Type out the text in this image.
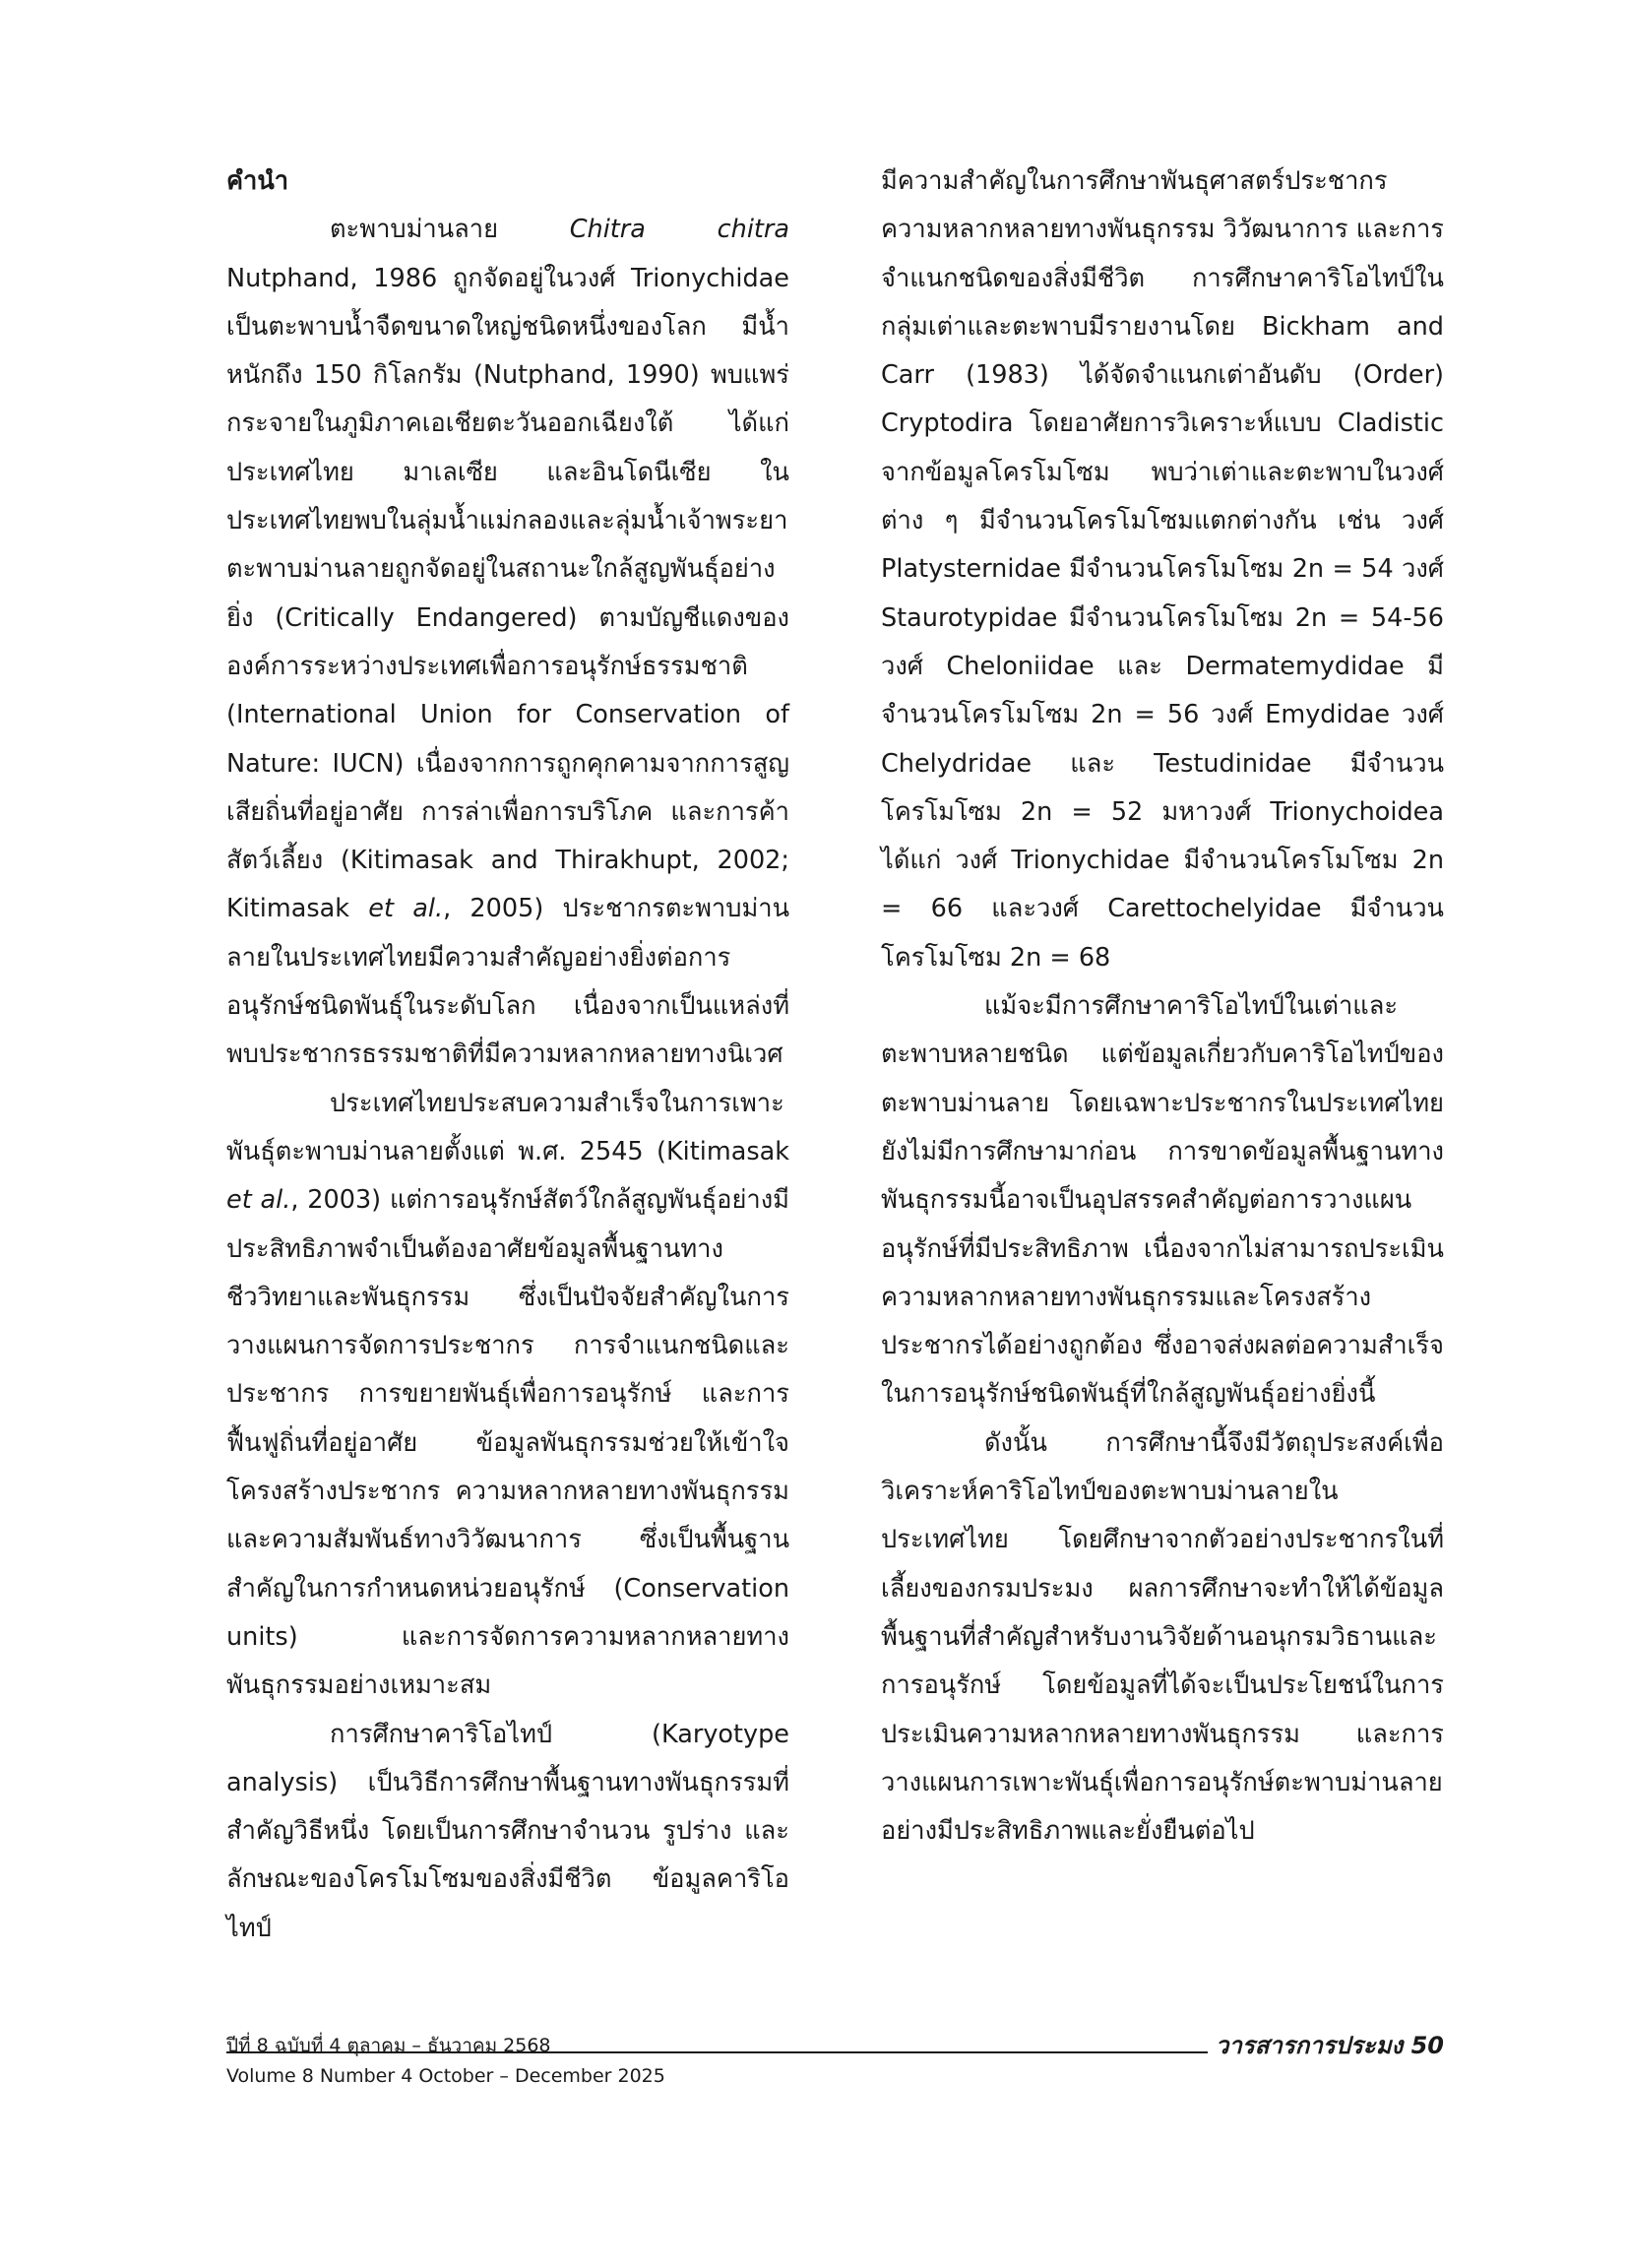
คำนำ

ตะพาบม่านลาย Chitra chitra Nutphand, 1986 ถูกจัดอยู่ในวงศ์ Trionychidae เป็นตะพาบน้ำจืดขนาดใหญ่ชนิดหนึ่งของโลก มีน้ำหนักถึง 150 กิโลกรัม (Nutphand, 1990) พบแพร่กระจายในภูมิภาคเอเชียตะวันออกเฉียงใต้ ได้แก่ ประเทศไทย มาเลเซีย และอินโดนีเซีย ในประเทศไทยพบในลุ่มน้ำแม่กลองและลุ่มน้ำเจ้าพระยา ตะพาบม่านลายถูกจัดอยู่ในสถานะใกล้สูญพันธุ์อย่างยิ่ง (Critically Endangered) ตามบัญชีแดงขององค์การระหว่างประเทศเพื่อการอนุรักษ์ธรรมชาติ (International Union for Conservation of Nature: IUCN) เนื่องจากการถูกคุกคามจากการสูญเสียถิ่นที่อยู่อาศัย การล่าเพื่อการบริโภค และการค้าสัตว์เลี้ยง (Kitimasak and Thirakhupt, 2002; Kitimasak et al., 2005) ประชากรตะพาบม่านลายในประเทศไทยมีความสำคัญอย่างยิ่งต่อการอนุรักษ์ชนิดพันธุ์ในระดับโลก เนื่องจากเป็นแหล่งที่พบประชากรธรรมชาติที่มีความหลากหลายทางนิเวศ

ประเทศไทยประสบความสำเร็จในการเพาะพันธุ์ตะพาบม่านลายตั้งแต่ พ.ศ. 2545 (Kitimasak et al., 2003) แต่การอนุรักษ์สัตว์ใกล้สูญพันธุ์อย่างมีประสิทธิภาพจำเป็นต้องอาศัยข้อมูลพื้นฐานทางชีววิทยาและพันธุกรรม ซึ่งเป็นปัจจัยสำคัญในการวางแผนการจัดการประชากร การจำแนกชนิดและประชากร การขยายพันธุ์เพื่อการอนุรักษ์ และการฟื้นฟูถิ่นที่อยู่อาศัย ข้อมูลพันธุกรรมช่วยให้เข้าใจโครงสร้างประชากร ความหลากหลายทางพันธุกรรม และความสัมพันธ์ทางวิวัฒนาการ ซึ่งเป็นพื้นฐานสำคัญในการกำหนดหน่วยอนุรักษ์ (Conservation units) และการจัดการความหลากหลายทางพันธุกรรมอย่างเหมาะสม

การศึกษาคาริโอไทป์ (Karyotype analysis) เป็นวิธีการศึกษาพื้นฐานทางพันธุกรรมที่สำคัญวิธีหนึ่ง โดยเป็นการศึกษาจำนวน รูปร่าง และลักษณะของโครโมโซมของสิ่งมีชีวิต ข้อมูลคาริโอไทป์

มีความสำคัญในการศึกษาพันธุศาสตร์ประชากร ความหลากหลายทางพันธุกรรม วิวัฒนาการ และการจำแนกชนิดของสิ่งมีชีวิต การศึกษาคาริโอไทป์ในกลุ่มเต่าและตะพาบมีรายงานโดย Bickham and Carr (1983) ได้จัดจำแนกเต่าอันดับ (Order) Cryptodira โดยอาศัยการวิเคราะห์แบบ Cladistic จากข้อมูลโครโมโซม พบว่าเต่าและตะพาบในวงศ์ต่าง ๆ มีจำนวนโครโมโซมแตกต่างกัน เช่น วงศ์ Platysternidae มีจำนวนโครโมโซม 2n = 54 วงศ์ Staurotypidae มีจำนวนโครโมโซม 2n = 54-56 วงศ์ Cheloniidae และ Dermatemydidae มีจำนวนโครโมโซม 2n = 56 วงศ์ Emydidae วงศ์ Chelydridae และ Testudinidae มีจำนวนโครโมโซม 2n = 52 มหาวงศ์ Trionychoidea ได้แก่ วงศ์ Trionychidae มีจำนวนโครโมโซม 2n = 66 และวงศ์ Carettochelyidae มีจำนวนโครโมโซม 2n = 68

แม้จะมีการศึกษาคาริโอไทป์ในเต่าและตะพาบหลายชนิด แต่ข้อมูลเกี่ยวกับคาริโอไทป์ของตะพาบม่านลาย โดยเฉพาะประชากรในประเทศไทยยังไม่มีการศึกษามาก่อน การขาดข้อมูลพื้นฐานทางพันธุกรรมนี้อาจเป็นอุปสรรคสำคัญต่อการวางแผนอนุรักษ์ที่มีประสิทธิภาพ เนื่องจากไม่สามารถประเมินความหลากหลายทางพันธุกรรมและโครงสร้างประชากรได้อย่างถูกต้อง ซึ่งอาจส่งผลต่อความสำเร็จในการอนุรักษ์ชนิดพันธุ์ที่ใกล้สูญพันธุ์อย่างยิ่งนี้

ดังนั้น การศึกษานี้จึงมีวัตถุประสงค์เพื่อวิเคราะห์คาริโอไทป์ของตะพาบม่านลายในประเทศไทย โดยศึกษาจากตัวอย่างประชากรในที่เลี้ยงของกรมประมง ผลการศึกษาจะทำให้ได้ข้อมูลพื้นฐานที่สำคัญสำหรับงานวิจัยด้านอนุกรมวิธานและการอนุรักษ์ โดยข้อมูลที่ได้จะเป็นประโยชน์ในการประเมินความหลากหลายทางพันธุกรรม และการวางแผนการเพาะพันธุ์เพื่อการอนุรักษ์ตะพาบม่านลายอย่างมีประสิทธิภาพและยั่งยืนต่อไป

ปีที่ 8 ฉบับที่ 4 ตุลาคม – ธันวาคม 2568
Volume 8 Number 4 October – December 2025
วารสารการประมง 50
